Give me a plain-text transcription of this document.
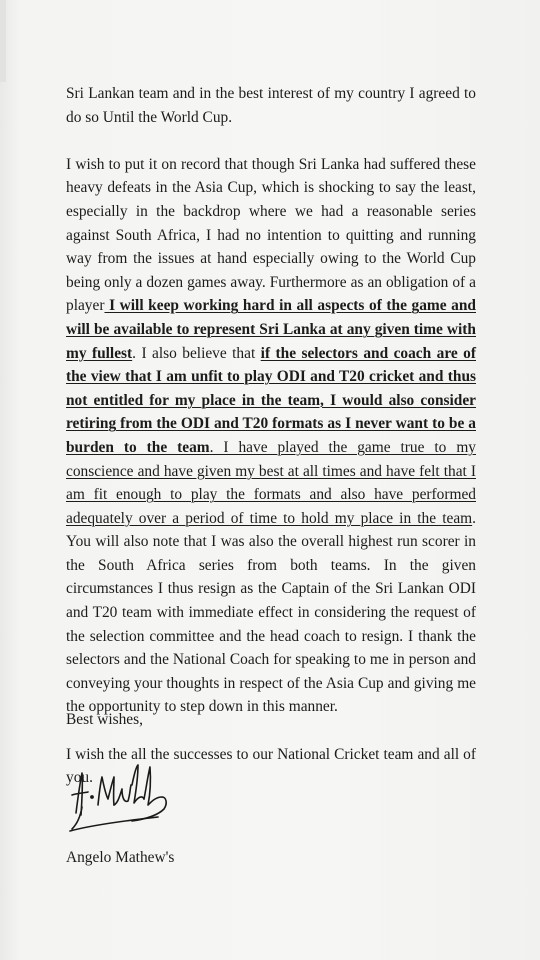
Sri Lankan team and in the best interest of my country I agreed to do so Until the World Cup.

I wish to put it on record that though Sri Lanka had suffered these heavy defeats in the Asia Cup, which is shocking to say the least, especially in the backdrop where we had a reasonable series against South Africa, I had no intention to quitting and running way from the issues at hand especially owing to the World Cup being only a dozen games away. Furthermore as an obligation of a player I will keep working hard in all aspects of the game and will be available to represent Sri Lanka at any given time with my fullest. I also believe that if the selectors and coach are of the view that I am unfit to play ODI and T20 cricket and thus not entitled for my place in the team, I would also consider retiring from the ODI and T20 formats as I never want to be a burden to the team. I have played the game true to my conscience and have given my best at all times and have felt that I am fit enough to play the formats and also have performed adequately over a period of time to hold my place in the team. You will also note that I was also the overall highest run scorer in the South Africa series from both teams. In the given circumstances I thus resign as the Captain of the Sri Lankan ODI and T20 team with immediate effect in considering the request of the selection committee and the head coach to resign. I thank the selectors and the National Coach for speaking to me in person and conveying your thoughts in respect of the Asia Cup and giving me the opportunity to step down in this manner.

I wish the all the successes to our National Cricket team and all of you.

Best wishes,
Angelo Mathew's
